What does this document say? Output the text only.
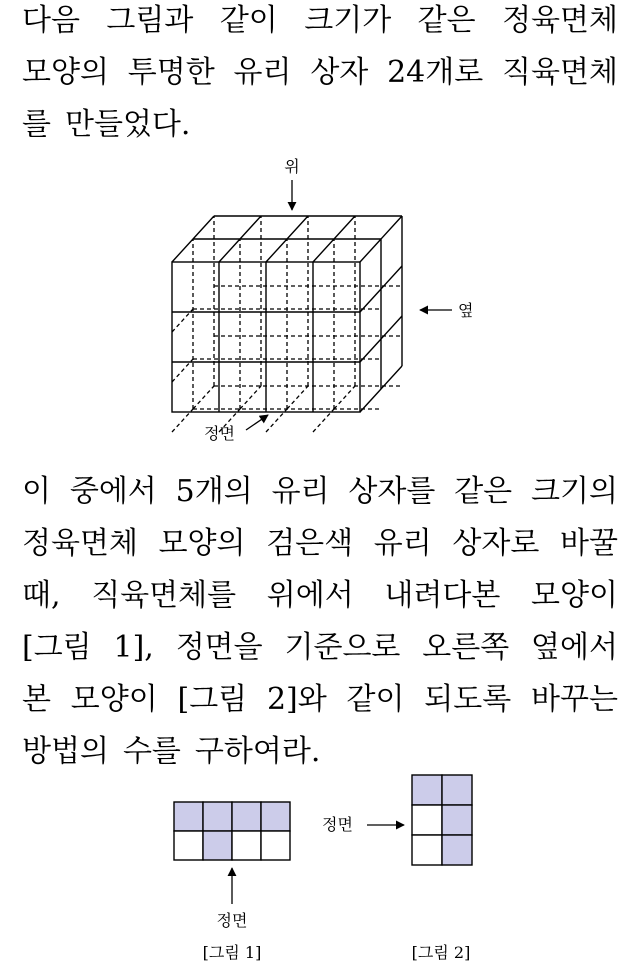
다음 그림과 같이 크기가 같은 정육면체
모양의 투명한 유리 상자 24개로 직육면체
를 만들었다.
위
옆
정면
이 중에서 5개의 유리 상자를 같은 크기의
정육면체 모양의 검은색 유리 상자로 바꿀
때, 직육면체를 위에서 내려다본 모양이
[그림 1], 정면을 기준으로 오른쪽 옆에서
본 모양이 [그림 2]와 같이 되도록 바꾸는
방법의 수를 구하여라.
정면
[그림 1]
정면
[그림 2]
